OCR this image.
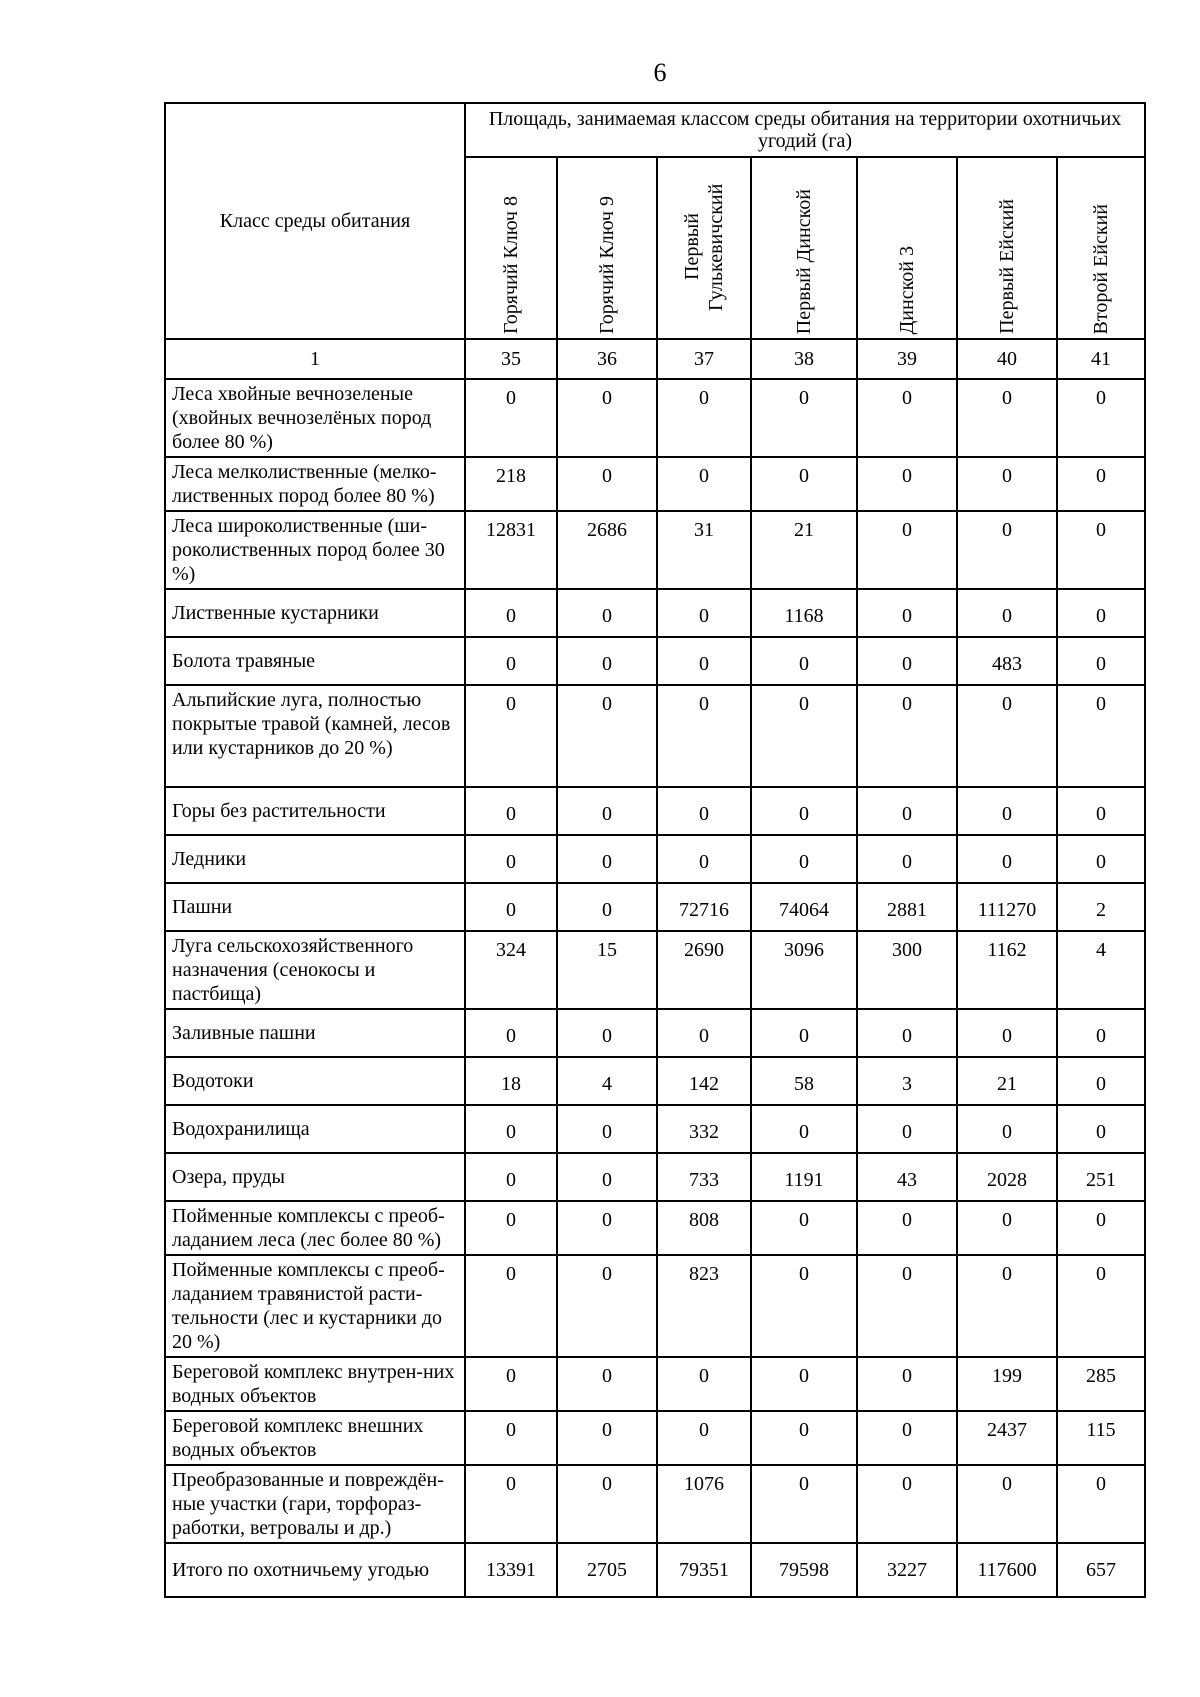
6
Класс среды обитания	Площадь, занимаемая классом среды обитания на территории охотничьих угодий (га)						

	Горячий Ключ 8	Горячий Ключ 9	Первый Гулькевичский	Первый Динской	Динской 3	Первый Ейский	Второй Ейский

1	35	36	37	38	39	40	41
Леса хвойные вечнозеленые (хвойных вечнозелёных пород более 80 %)	0	0	0	0	0	0	0
Леса мелколиственные (мелко-лиственных пород более 80 %)	218	0	0	0	0	0	0
Леса широколиственные (ши-роколиственных пород более 30 %)	12831	2686	31	21	0	0	0
Лиственные кустарники	0	0	0	1168	0	0	0
Болота травяные	0	0	0	0	0	483	0
Альпийские луга, полностью покрытые травой (камней, лесов или кустарников до 20 %)	0	0	0	0	0	0	0
Горы без растительности	0	0	0	0	0	0	0
Ледники	0	0	0	0	0	0	0
Пашни	0	0	72716	74064	2881	111270	2
Луга сельскохозяйственного назначения (сенокосы и пастбища)	324	15	2690	3096	300	1162	4
Заливные пашни	0	0	0	0	0	0	0
Водотоки	18	4	142	58	3	21	0
Водохранилища	0	0	332	0	0	0	0
Озера, пруды	0	0	733	1191	43	2028	251
Пойменные комплексы с преоб-ладанием леса (лес более 80 %)	0	0	808	0	0	0	0
Пойменные комплексы с преоб-ладанием травянистой расти-тельности (лес и кустарники до 20 %)	0	0	823	0	0	0	0
Береговой комплекс внутрен-них водных объектов	0	0	0	0	0	199	285
Береговой комплекс внешних водных объектов	0	0	0	0	0	2437	115
Преобразованные и повреждён-ные участки (гари, торфораз-работки, ветровалы и др.)	0	0	1076	0	0	0	0
Итого по охотничьему угодью	13391	2705	79351	79598	3227	117600	657
